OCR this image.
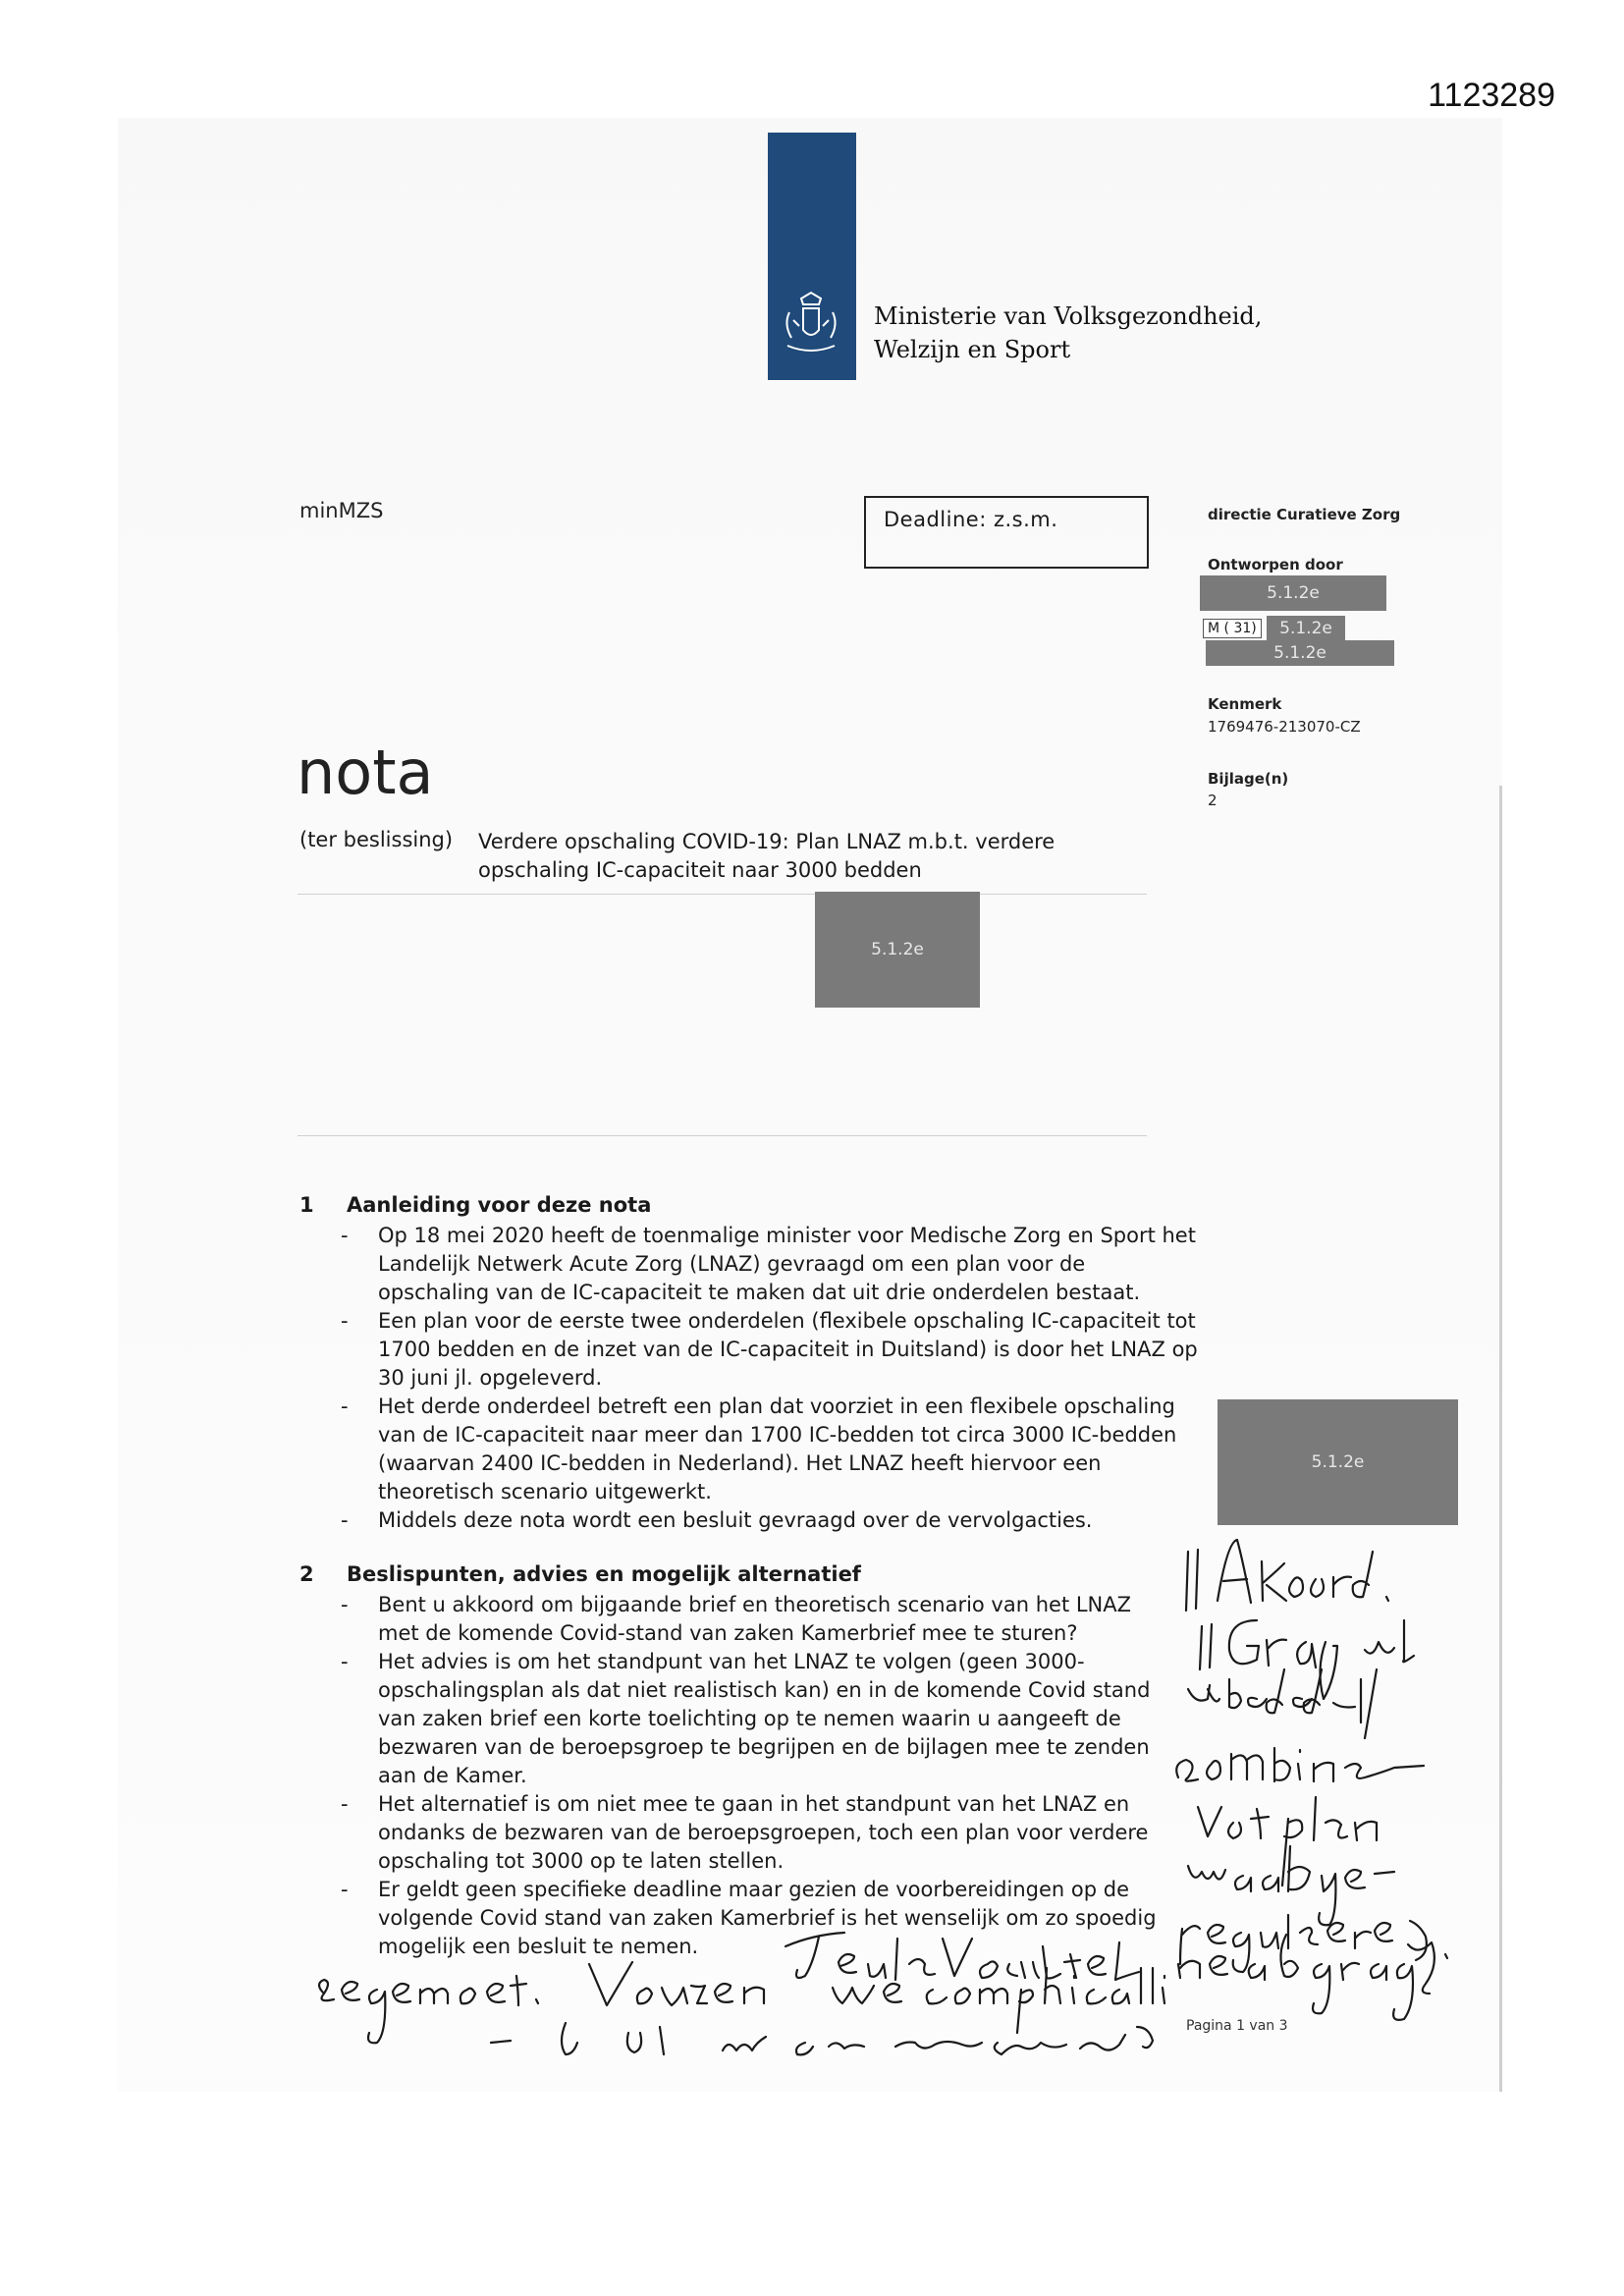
1123289
Ministerie van Volksgezondheid,
Welzijn en Sport
minMZS	Deadline: z.s.m.	directie Curatieve Zorg
Ontworpen door
5.1.2e
M ( 31)	5.1.2e
5.1.2e
Kenmerk
1769476-213070-CZ
Bijlage(n)
2
nota
(ter beslissing) Verdere opschaling COVID-19: Plan LNAZ m.b.t. verdere opschaling IC-capaciteit naar 3000 bedden
5.1.2e
1 Aanleiding voor deze nota
- Op 18 mei 2020 heeft de toenmalige minister voor Medische Zorg en Sport het Landelijk Netwerk Acute Zorg (LNAZ) gevraagd om een plan voor de opschaling van de IC-capaciteit te maken dat uit drie onderdelen bestaat.
- Een plan voor de eerste twee onderdelen (flexibele opschaling IC-capaciteit tot 1700 bedden en de inzet van de IC-capaciteit in Duitsland) is door het LNAZ op 30 juni jl. opgeleverd.
- Het derde onderdeel betreft een plan dat voorziet in een flexibele opschaling van de IC-capaciteit naar meer dan 1700 IC-bedden tot circa 3000 IC-bedden (waarvan 2400 IC-bedden in Nederland). Het LNAZ heeft hiervoor een theoretisch scenario uitgewerkt.
- Middels deze nota wordt een besluit gevraagd over de vervolgacties.
5.1.2e
2 Beslispunten, advies en mogelijk alternatief
- Bent u akkoord om bijgaande brief en theoretisch scenario van het LNAZ met de komende Covid-stand van zaken Kamerbrief mee te sturen?
- Het advies is om het standpunt van het LNAZ te volgen (geen 3000-opschalingsplan als dat niet realistisch kan) en in de komende Covid stand van zaken brief een korte toelichting op te nemen waarin u aangeeft de bezwaren van de beroepsgroep te begrijpen en de bijlagen mee te zenden aan de Kamer.
- Het alternatief is om niet mee te gaan in het standpunt van het LNAZ en ondanks de bezwaren van de beroepsgroepen, toch een plan voor verdere opschaling tot 3000 op te laten stellen.
- Er geldt geen specifieke deadline maar gezien de voorbereidingen op de volgende Covid stand van zaken Kamerbrief is het wenselijk om zo spoedig mogelijk een besluit te nemen.
Pagina 1 van 3
